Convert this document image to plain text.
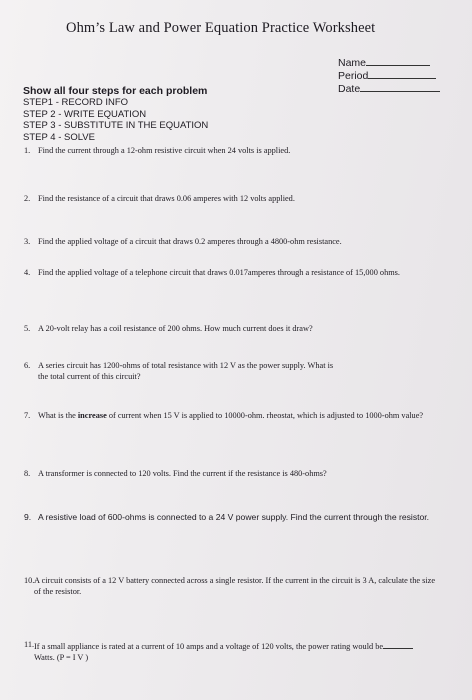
Ohm’s Law and Power Equation Practice Worksheet
Name
Period
Date
Show all four steps for each problem
STEP1 - RECORD INFO
STEP 2 - WRITE EQUATION
STEP 3 - SUBSTITUTE IN THE EQUATION
STEP 4 - SOLVE
1. Find the current through a 12-ohm resistive circuit when 24 volts is applied.
2. Find the resistance of a circuit that draws 0.06 amperes with 12 volts applied.
3. Find the applied voltage of a circuit that draws 0.2 amperes through a 4800-ohm resistance.
4. Find the applied voltage of a telephone circuit that draws 0.017amperes through a resistance of 15,000 ohms.
5. A 20-volt relay has a coil resistance of 200 ohms. How much current does it draw?
6. A series circuit has 1200-ohms of total resistance with 12 V as the power supply. What is the total current of this circuit?
7. What is the increase of current when 15 V is applied to 10000-ohm. rheostat, which is adjusted to 1000-ohm value?
8. A transformer is connected to 120 volts. Find the current if the resistance is 480-ohms?
9. A resistive load of 600-ohms is connected to a 24 V power supply. Find the current through the resistor.
10.A circuit consists of a 12 V battery connected across a single resistor. If the current in the circuit is 3 A, calculate the size of the resistor.
11.If a small appliance is rated at a current of 10 amps and a voltage of 120 volts, the power rating would be Watts. (P = I V )
